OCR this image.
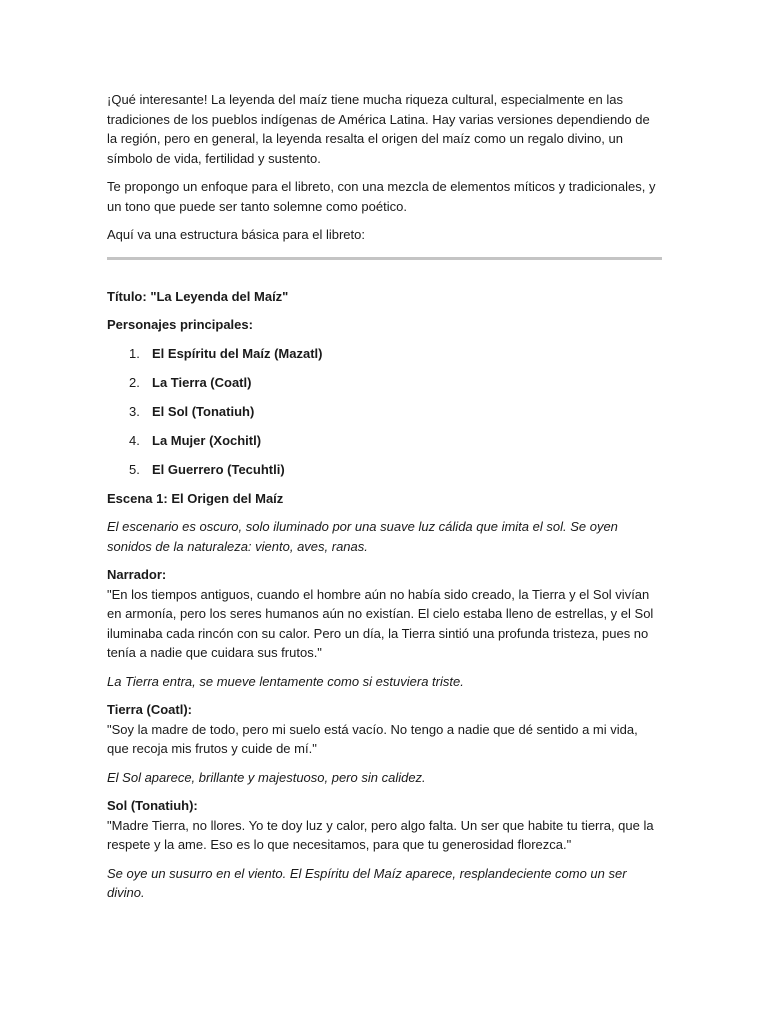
¡Qué interesante! La leyenda del maíz tiene mucha riqueza cultural, especialmente en las tradiciones de los pueblos indígenas de América Latina. Hay varias versiones dependiendo de la región, pero en general, la leyenda resalta el origen del maíz como un regalo divino, un símbolo de vida, fertilidad y sustento.

Te propongo un enfoque para el libreto, con una mezcla de elementos míticos y tradicionales, y un tono que puede ser tanto solemne como poético.

Aquí va una estructura básica para el libreto:

Título: "La Leyenda del Maíz"

Personajes principales:

1. El Espíritu del Maíz (Mazatl)
2. La Tierra (Coatl)
3. El Sol (Tonatiuh)
4. La Mujer (Xochitl)
5. El Guerrero (Tecuhtli)

Escena 1: El Origen del Maíz

El escenario es oscuro, solo iluminado por una suave luz cálida que imita el sol. Se oyen sonidos de la naturaleza: viento, aves, ranas.

Narrador:
"En los tiempos antiguos, cuando el hombre aún no había sido creado, la Tierra y el Sol vivían en armonía, pero los seres humanos aún no existían. El cielo estaba lleno de estrellas, y el Sol iluminaba cada rincón con su calor. Pero un día, la Tierra sintió una profunda tristeza, pues no tenía a nadie que cuidara sus frutos."

La Tierra entra, se mueve lentamente como si estuviera triste.

Tierra (Coatl):
"Soy la madre de todo, pero mi suelo está vacío. No tengo a nadie que dé sentido a mi vida, que recoja mis frutos y cuide de mí."

El Sol aparece, brillante y majestuoso, pero sin calidez.

Sol (Tonatiuh):
"Madre Tierra, no llores. Yo te doy luz y calor, pero algo falta. Un ser que habite tu tierra, que la respete y la ame. Eso es lo que necesitamos, para que tu generosidad florezca."

Se oye un susurro en el viento. El Espíritu del Maíz aparece, resplandeciente como un ser divino.
